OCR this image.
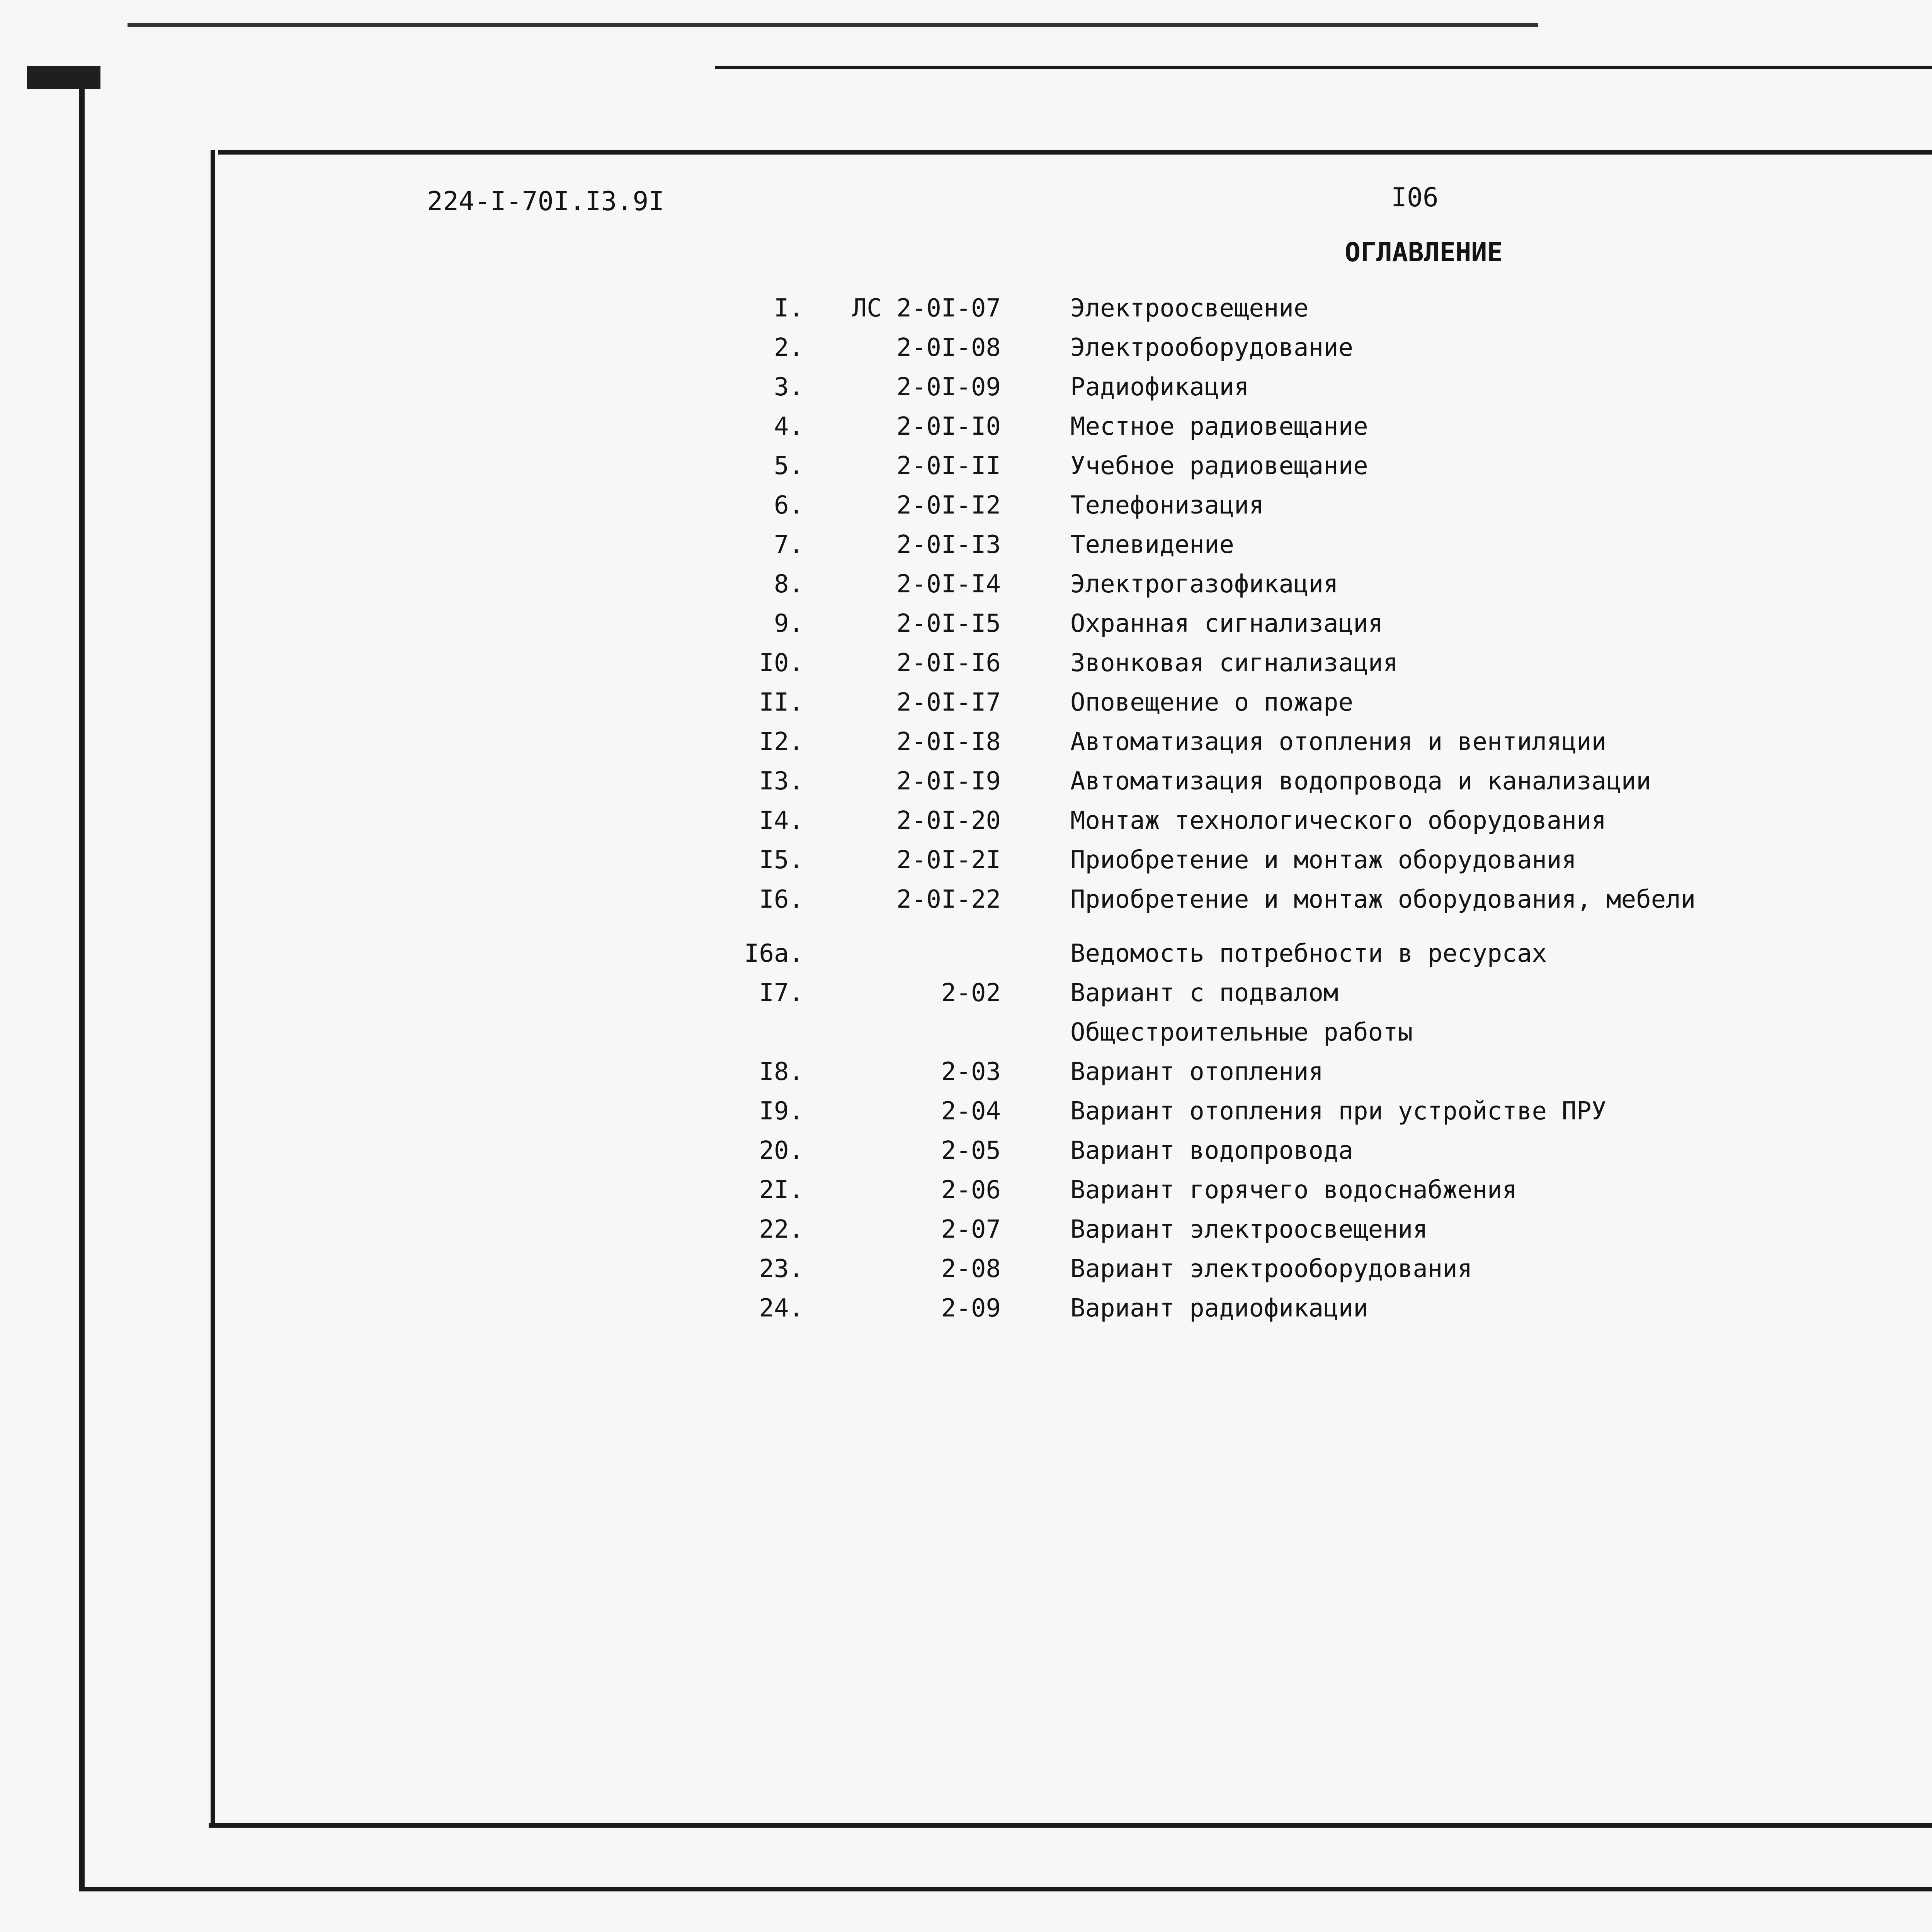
224-I-70I.I3.9I	I06
ОГЛАВЛЕНИЕ
I.	ЛС 2-0I-07	Электроосвещение
2.	2-0I-08	Электрооборудование
3.	2-0I-09	Радиофикация
4.	2-0I-I0	Местное радиовещание
5.	2-0I-II	Учебное радиовещание
6.	2-0I-I2	Телефонизация
7.	2-0I-I3	Телевидение
8.	2-0I-I4	Электрогазофикация
9.	2-0I-I5	Охранная сигнализация
I0.	2-0I-I6	Звонковая сигнализация
II.	2-0I-I7	Оповещение о пожаре
I2.	2-0I-I8	Автоматизация отопления и вентиляции
I3.	2-0I-I9	Автоматизация водопровода и канализации
I4.	2-0I-20	Монтаж технологического оборудования
I5.	2-0I-2I	Приобретение и монтаж оборудования
I6.	2-0I-22	Приобретение и монтаж оборудования, мебели
I6а.	Ведомость потребности в ресурсах
I7.	2-02	Вариант с подвалом
Общестроительные работы
I8.	2-03	Вариант отопления
I9.	2-04	Вариант отопления при устройстве ПРУ
20.	2-05	Вариант водопровода
2I.	2-06	Вариант горячего водоснабжения
22.	2-07	Вариант электроосвещения
23.	2-08	Вариант электрооборудования
24.	2-09	Вариант радиофикации
